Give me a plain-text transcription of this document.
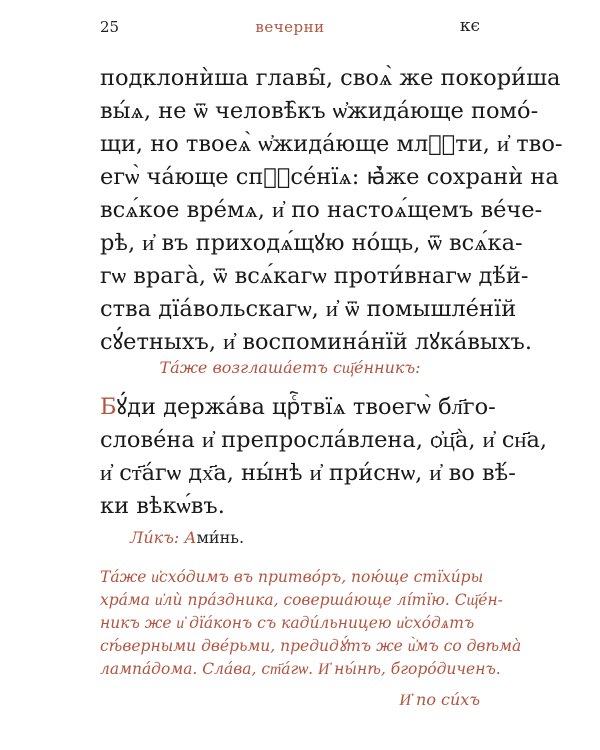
25	вечерни	кє
подклонѝша главы̑, своѧ̀ же покори́ша
вы́ѧ, не ѿ человѣ̑къ ѡ҆жида́юще помо́-
щи, но твоеѧ̀ ѡ҆жида́юще млⷭ҇ти, и҆ тво-
егѡ̀ ча́юще спⷭ҇се́нїѧ: ꙗ҆̀же сохранѝ на
всѧ́кое вре́мѧ, и҆ по настоѧ́щемъ ве́че-
рѣ, и҆ въ приходѧ́щꙋю но́щь, ѿ всѧ́ка-
гѡ врага̀, ѿ всѧ́кагѡ проти́внагѡ дѣ́й-
ства дїа́вольскагѡ, и҆ ѿ помышле́нїй
сꙋ́етныхъ, и҆ воспомина́нїй лꙋка́выхъ.
Та́же возглаша́етъ сщ҃е́нникъ:
Бꙋ́ди держа́ва црⷭ҇твїѧ твоегѡ̀ бл҃го-
слове́на и҆ препросла́влена, ѻ҆ц҃а̀, и҆ сн҃а,
и҆ ст҃а́гѡ дх҃а, ны́нѣ и҆ при́снѡ, и҆ во вѣ́-
ки вѣкѡ́въ.
Ли́къ: Ами́нь.
Та́же и҆схо́димъ въ притво́ръ, пою́ще стїхи́ры
хра́ма и҆лѝ пра́здника, соверша́юще лі́тїю. Сщ҃е́н-
никъ же и҆ дїа́конъ съ кади́льницею и҆схо́дѧтъ
сѣ́верными две́рьми, предидꙋ́тъ же и҆̀мъ со двѣма̀
лампа́дома. Сла́ва, ст҃а́гѡ. И҆ ны́нѣ, бгоро́диченъ.
И҆ по си́хъ
